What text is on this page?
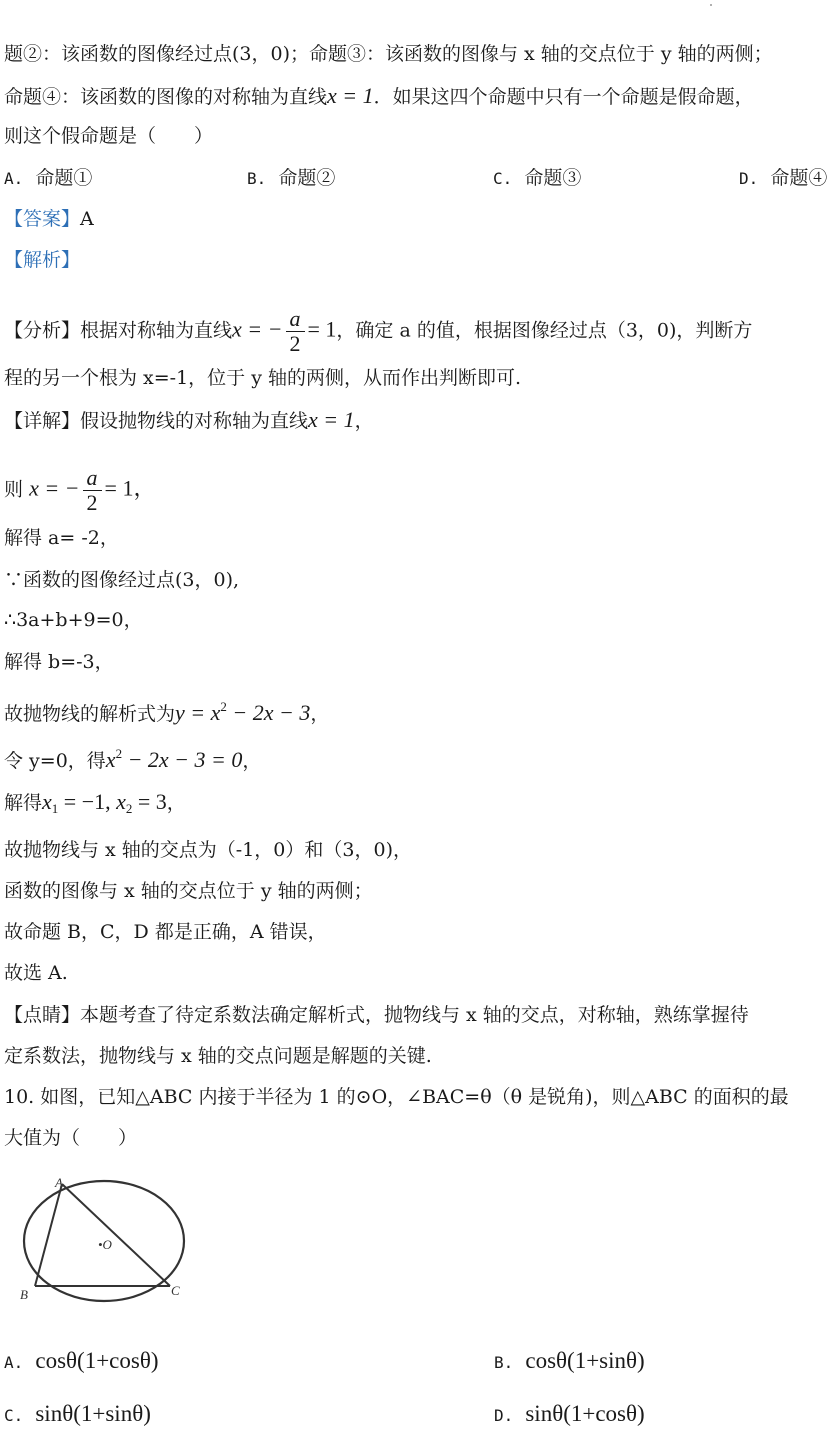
题②：该函数的图像经过点(3，0)；命题③：该函数的图像与 x 轴的交点位于 y 轴的两侧；
命题④：该函数的图像的对称轴为直线x = 1．如果这四个命题中只有一个命题是假命题，
则这个假命题是（　　）
A. 命题①	B. 命题②	C. 命题③	D. 命题④
【答案】A
【解析】
【分析】根据对称轴为直线x = − $\frac{a}{2} = 1$，确定 a 的值，根据图像经过点（3，0)，判断方
程的另一个根为 x=-1，位于 y 轴的两侧，从而作出判断即可.
【详解】假设抛物线的对称轴为直线x = 1，
则 x = − $\frac{a}{2} = 1$，
解得 a= -2，
∵函数的图像经过点(3，0),
∴3a+b+9=0，
解得 b=-3，
故抛物线的解析式为$y = x^2 - 2x - 3$，
令 y=0，得$x^2 - 2x - 3 = 0$，
解得$x_1 = -1$, $x_2 = 3$，
故抛物线与 x 轴的交点为（-1，0）和（3，0)，
函数的图像与 x 轴的交点位于 y 轴的两侧；
故命题 B，C，D 都是正确，A 错误，
故选 A.
【点睛】本题考查了待定系数法确定解析式，抛物线与 x 轴的交点，对称轴，熟练掌握待
定系数法，抛物线与 x 轴的交点问题是解题的关键.
10. 如图，已知△ABC 内接于半径为 1 的⊙O，∠BAC=θ（θ 是锐角)，则△ABC 的面积的最
大值为（　　）
A
B	C
•O
A. cosθ(1+cosθ)	B. cosθ(1+sinθ)
C. sinθ(1+sinθ)	D. sinθ(1+cosθ)
